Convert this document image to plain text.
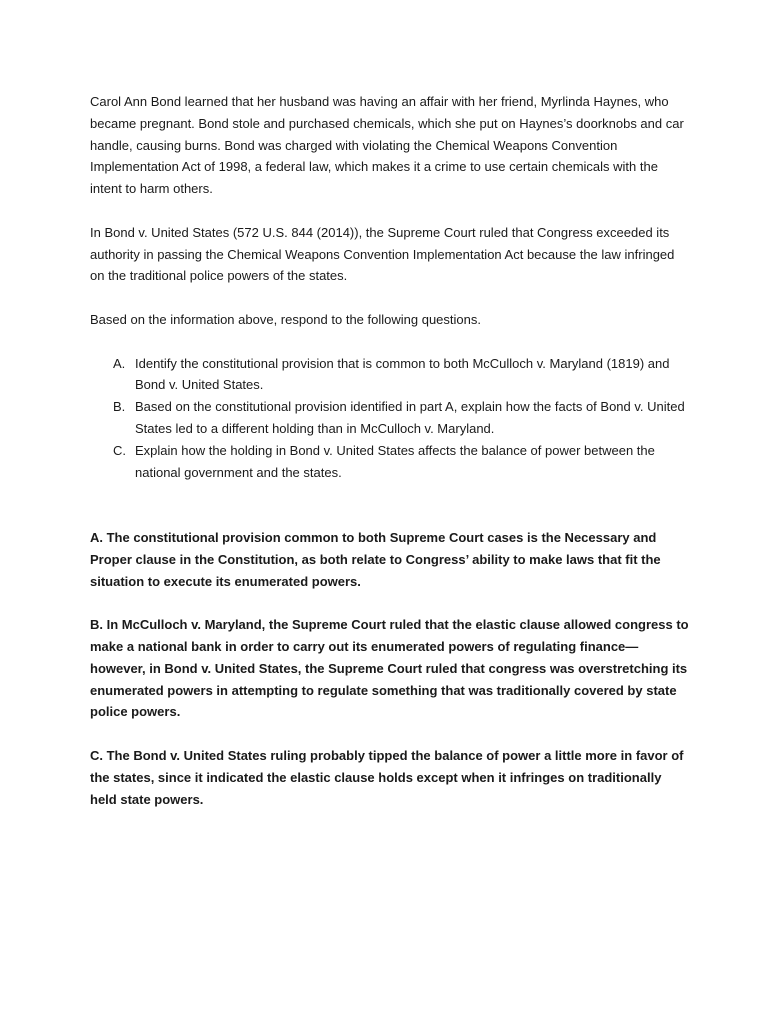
Carol Ann Bond learned that her husband was having an affair with her friend, Myrlinda Haynes, who became pregnant. Bond stole and purchased chemicals, which she put on Haynes’s doorknobs and car handle, causing burns. Bond was charged with violating the Chemical Weapons Convention Implementation Act of 1998, a federal law, which makes it a crime to use certain chemicals with the intent to harm others.

In Bond v. United States (572 U.S. 844 (2014)), the Supreme Court ruled that Congress exceeded its authority in passing the Chemical Weapons Convention Implementation Act because the law infringed on the traditional police powers of the states.

Based on the information above, respond to the following questions.

A. Identify the constitutional provision that is common to both McCulloch v. Maryland (1819) and Bond v. United States.
B. Based on the constitutional provision identified in part A, explain how the facts of Bond v. United States led to a different holding than in McCulloch v. Maryland.
C. Explain how the holding in Bond v. United States affects the balance of power between the national government and the states.

A. The constitutional provision common to both Supreme Court cases is the Necessary and Proper clause in the Constitution, as both relate to Congress’ ability to make laws that fit the situation to execute its enumerated powers.

B. In McCulloch v. Maryland, the Supreme Court ruled that the elastic clause allowed congress to make a national bank in order to carry out its enumerated powers of regulating finance—however, in Bond v. United States, the Supreme Court ruled that congress was overstretching its enumerated powers in attempting to regulate something that was traditionally covered by state police powers.

C. The Bond v. United States ruling probably tipped the balance of power a little more in favor of the states, since it indicated the elastic clause holds except when it infringes on traditionally held state powers.
